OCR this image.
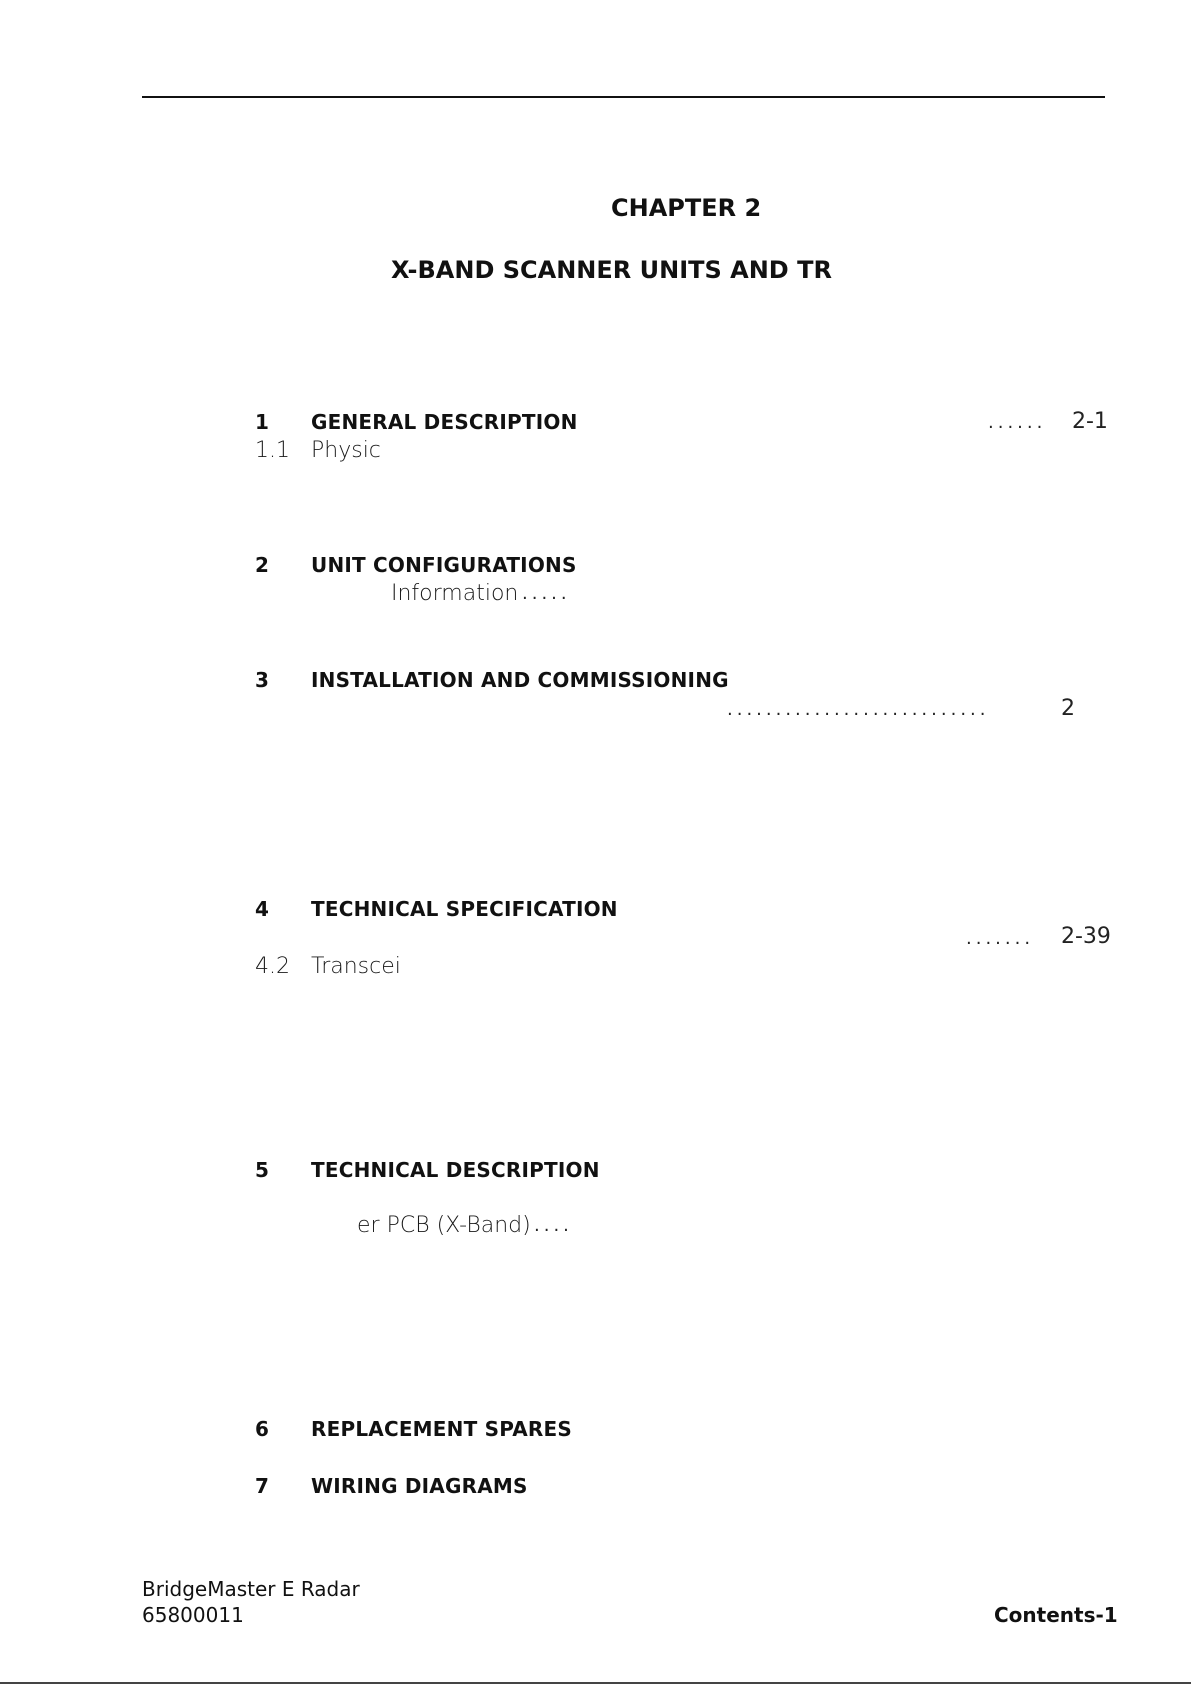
CHAPTER 2
X-BAND SCANNER UNITS AND TR
1 GENERAL DESCRIPTION	...... 2-1
1.1 Physic
2 UNIT CONFIGURATIONS
Information .....
3 INSTALLATION AND COMMISSIONING
...........................	2
4 TECHNICAL SPECIFICATION
....... 2-39
4.2 Transcei
5 TECHNICAL DESCRIPTION
er PCB (X-Band) ....
6 REPLACEMENT SPARES
7 WIRING DIAGRAMS
BridgeMaster E Radar
65800011	Contents-1
